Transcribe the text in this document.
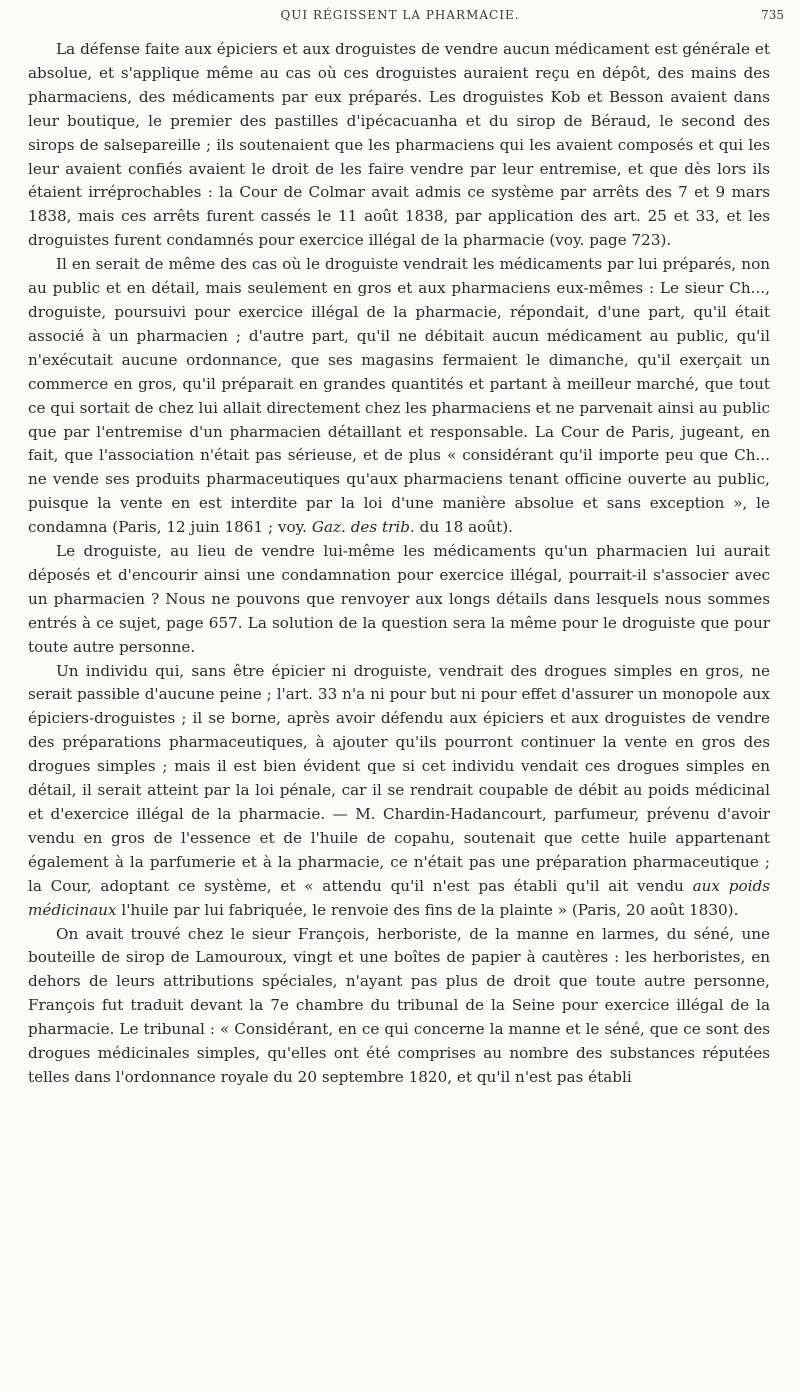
QUI RÉGISSENT LA PHARMACIE.	735

La défense faite aux épiciers et aux droguistes de vendre aucun médicament est générale et absolue, et s'applique même au cas où ces droguistes auraient reçu en dépôt, des mains des pharmaciens, des médicaments par eux préparés. Les droguistes Kob et Besson avaient dans leur boutique, le premier des pastilles d'ipécacuanha et du sirop de Béraud, le second des sirops de salsepareille ; ils soutenaient que les pharmaciens qui les avaient composés et qui les leur avaient confiés avaient le droit de les faire vendre par leur entremise, et que dès lors ils étaient irréprochables : la Cour de Colmar avait admis ce système par arrêts des 7 et 9 mars 1838, mais ces arrêts furent cassés le 11 août 1838, par application des art. 25 et 33, et les droguistes furent condamnés pour exercice illégal de la pharmacie (voy. page 723).

Il en serait de même des cas où le droguiste vendrait les médicaments par lui préparés, non au public et en détail, mais seulement en gros et aux pharmaciens eux-mêmes : Le sieur Ch..., droguiste, poursuivi pour exercice illégal de la pharmacie, répondait, d'une part, qu'il était associé à un pharmacien ; d'autre part, qu'il ne débitait aucun médicament au public, qu'il n'exécutait aucune ordonnance, que ses magasins fermaient le dimanche, qu'il exerçait un commerce en gros, qu'il préparait en grandes quantités et partant à meilleur marché, que tout ce qui sortait de chez lui allait directement chez les pharmaciens et ne parvenait ainsi au public que par l'entremise d'un pharmacien détaillant et responsable. La Cour de Paris, jugeant, en fait, que l'association n'était pas sérieuse, et de plus « considérant qu'il importe peu que Ch... ne vende ses produits pharmaceutiques qu'aux pharmaciens tenant officine ouverte au public, puisque la vente en est interdite par la loi d'une manière absolue et sans exception », le condamna (Paris, 12 juin 1861 ; voy. Gaz. des trib. du 18 août).

Le droguiste, au lieu de vendre lui-même les médicaments qu'un pharmacien lui aurait déposés et d'encourir ainsi une condamnation pour exercice illégal, pourrait-il s'associer avec un pharmacien ? Nous ne pouvons que renvoyer aux longs détails dans lesquels nous sommes entrés à ce sujet, page 657. La solution de la question sera la même pour le droguiste que pour toute autre personne.

Un individu qui, sans être épicier ni droguiste, vendrait des drogues simples en gros, ne serait passible d'aucune peine ; l'art. 33 n'a ni pour but ni pour effet d'assurer un monopole aux épiciers-droguistes ; il se borne, après avoir défendu aux épiciers et aux droguistes de vendre des préparations pharmaceutiques, à ajouter qu'ils pourront continuer la vente en gros des drogues simples ; mais il est bien évident que si cet individu vendait ces drogues simples en détail, il serait atteint par la loi pénale, car il se rendrait coupable de débit au poids médicinal et d'exercice illégal de la pharmacie. — M. Chardin-Hadancourt, parfumeur, prévenu d'avoir vendu en gros de l'essence et de l'huile de copahu, soutenait que cette huile appartenant également à la parfumerie et à la pharmacie, ce n'était pas une préparation pharmaceutique ; la Cour, adoptant ce système, et « attendu qu'il n'est pas établi qu'il ait vendu aux poids médicinaux l'huile par lui fabriquée, le renvoie des fins de la plainte » (Paris, 20 août 1830).

On avait trouvé chez le sieur François, herboriste, de la manne en larmes, du séné, une bouteille de sirop de Lamouroux, vingt et une boîtes de papier à cautères : les herboristes, en dehors de leurs attributions spéciales, n'ayant pas plus de droit que toute autre personne, François fut traduit devant la 7e chambre du tribunal de la Seine pour exercice illégal de la pharmacie. Le tribunal : « Considérant, en ce qui concerne la manne et le séné, que ce sont des drogues médicinales simples, qu'elles ont été comprises au nombre des substances réputées telles dans l'ordonnance royale du 20 septembre 1820, et qu'il n'est pas établi
